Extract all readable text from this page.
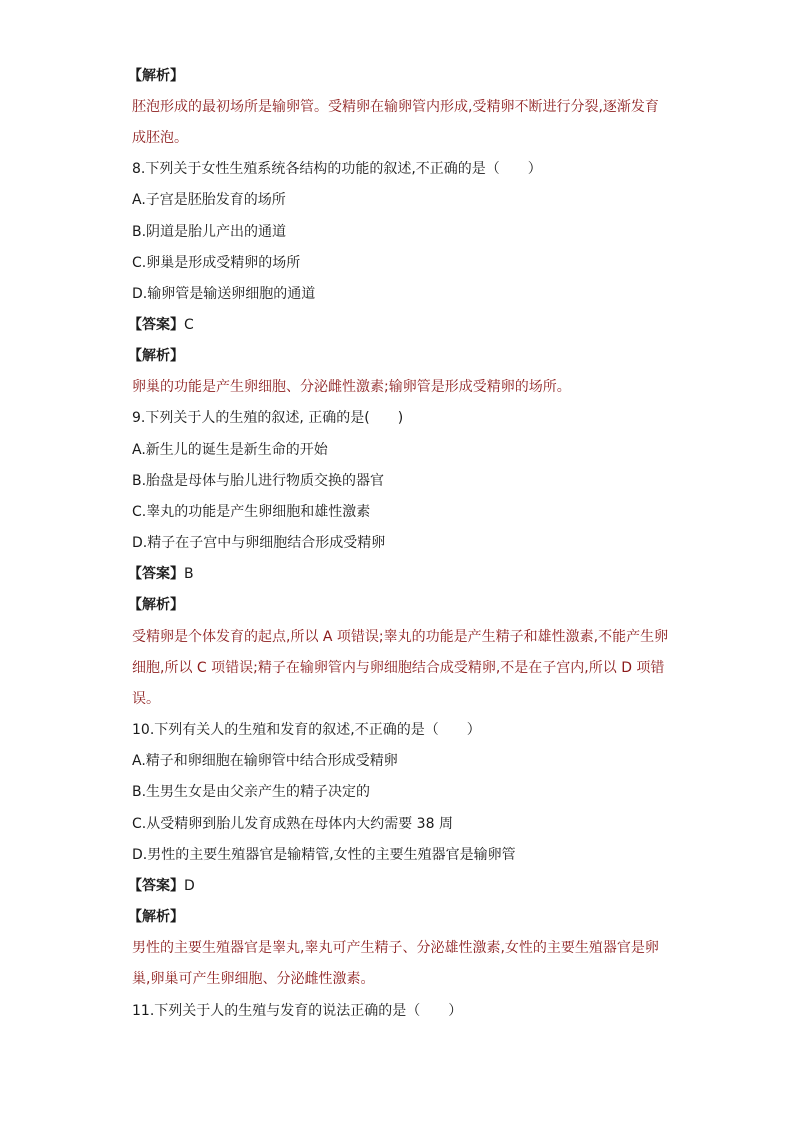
【解析】
胚泡形成的最初场所是输卵管。受精卵在输卵管内形成,受精卵不断进行分裂,逐渐发育
成胚泡。
8.下列关于女性生殖系统各结构的功能的叙述,不正确的是（　　）
A.子宫是胚胎发育的场所
B.阴道是胎儿产出的通道
C.卵巢是形成受精卵的场所
D.输卵管是输送卵细胞的通道
【答案】C
【解析】
卵巢的功能是产生卵细胞、分泌雌性激素;输卵管是形成受精卵的场所。
9.下列关于人的生殖的叙述, 正确的是(　　)
A.新生儿的诞生是新生命的开始
B.胎盘是母体与胎儿进行物质交换的器官
C.睾丸的功能是产生卵细胞和雄性激素
D.精子在子宫中与卵细胞结合形成受精卵
【答案】B
【解析】
受精卵是个体发育的起点,所以 A 项错误;睾丸的功能是产生精子和雄性激素,不能产生卵
细胞,所以 C 项错误;精子在输卵管内与卵细胞结合成受精卵,不是在子宫内,所以 D 项错
误。
10.下列有关人的生殖和发育的叙述,不正确的是（　　）
A.精子和卵细胞在输卵管中结合形成受精卵
B.生男生女是由父亲产生的精子决定的
C.从受精卵到胎儿发育成熟在母体内大约需要 38 周
D.男性的主要生殖器官是输精管,女性的主要生殖器官是输卵管
【答案】D
【解析】
男性的主要生殖器官是睾丸,睾丸可产生精子、分泌雄性激素,女性的主要生殖器官是卵
巢,卵巢可产生卵细胞、分泌雌性激素。
11.下列关于人的生殖与发育的说法正确的是（　　）
